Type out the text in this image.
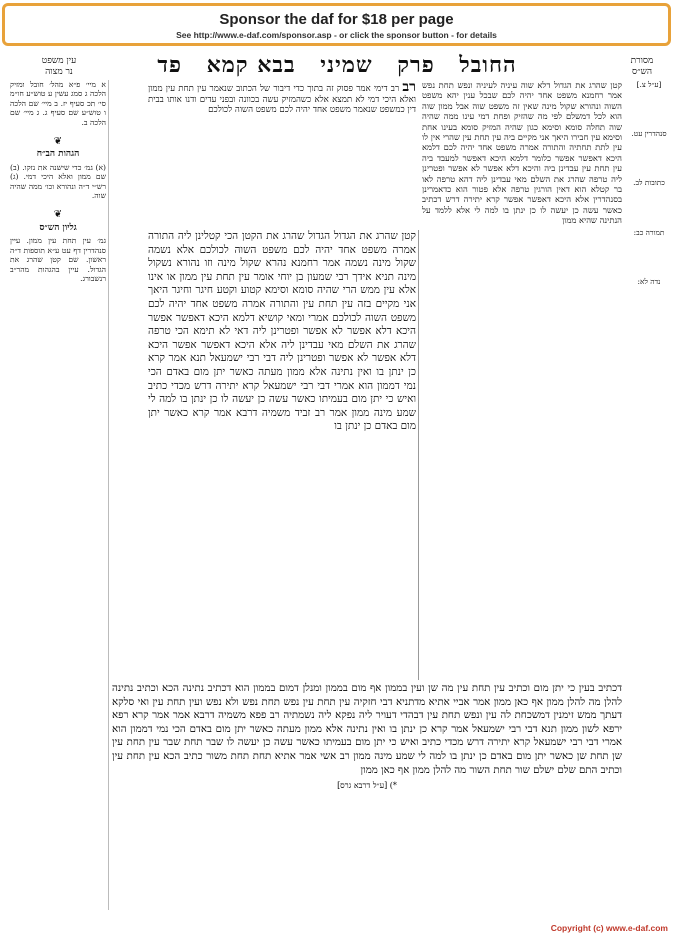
Sponsor the daf for $18 per page
See http://www.e-daf.com/sponsor.asp - or click the sponsor button - for details
מסורת
הש״ס
עין משפט
נר מצוה	החובל פרק שמיני בבא קמא פד
קטן שהרג את הגדול דלא שוה עיניה לעיניה ונפש תחת נפש אמר רחמנא משפט אחד יהיה לכם שבכל ענין יהא משפט השוה ונהורא שקול מינה שאין זה משפט שוה אבל ממון שוה הוא לכל דמשלם לפי מה שהזיק ופחת דמי עינו ממה שהיה שוה תחלה סומא וסימא כגון שהיה המזיק סומא בעינו אחת וסימא עין חבירו היאך אני מקיים ביה עין תחת עין שהרי אין לו עין לתת תחתיה והתורה אמרה משפט אחד יהיה לכם דלמא היכא דאפשר אפשר כלומר דלמא היכא דאפשר למעבד ביה עין תחת עין עבדינן ביה והיכא דלא אפשר לא אפשר ופטרינן ליה טרפה שהרג את השלם מאי עבדינן ליה דהא טרפה לאו בר קטלא הוא דאין הורגין טרפה אלא פטור הוא כדאמרינן בסנהדרין אלא היכא דאפשר אפשר קרא יתירה דרש דכתיב כאשר עשה כן יעשה לו כן ינתן בו למה לי אלא ללמד על הנתינה שהיא ממון
רב רב דימי אמר פסוק זה בתוך כדי דיבור של הכתוב שנאמר עין תחת עין ממון ואלא היכי דמי לא תמצא אלא כשהמזיק עשה בכוונה ובפני עדים ודנו אותו בבית דין כמשפט שנאמר משפט אחד יהיה לכם משפט השוה לכולכם
קטן שהרג את הגדול הגדול שהרג את הקטן הכי קטלינן ליה התורה אמרה משפט אחד יהיה לכם משפט השוה לכולכם אלא נשמה שקול מינה נשמה אמר רחמנא נהרא שקול מינה וזו נהורא נשקול מינה תניא אידך רבי שמעון בן יוחי אומר עין תחת עין ממון או אינו אלא עין ממש הרי שהיה סומא וסימא קטוע וקטע חיגר וחיגר היאך אני מקיים בזה עין תחת עין והתורה אמרה משפט אחד יהיה לכם משפט השוה לכולכם אמרי ומאי קושיא דלמא היכא דאפשר אפשר היכא דלא אפשר לא אפשר ופטרינן ליה דאי לא תימא הכי טרפה שהרג את השלם מאי עבדינן ליה אלא היכא דאפשר אפשר היכא דלא אפשר לא אפשר ופטרינן ליה דבי רבי ישמעאל תנא אמר קרא כן ינתן בו ואין נתינה אלא ממון מעתה כאשר יתן מום באדם הכי נמי דממון הוא אמרי דבי רבי ישמעאל קרא יתירה דרש מכדי כתיב ואיש כי יתן מום בעמיתו כאשר עשה כן יעשה לו כן ינתן בו למה לי שמע מינה ממון אמר רב זביד משמיה דרבא אמר קרא כאשר יתן מום באדם כן ינתן בו
א מיי׳ פ״א מהל׳ חובל ומזיק הלכה ג סמג עשין ע טוש״ע חו״מ סי׳ תכ סעיף יז. ב מיי׳ שם הלכה ו טוש״ע שם סעיף ג. ג מיי׳ שם הלכה ב.
❦
הגהות הב״ח
(א) גמ׳ כדי שישנה את נזקו. (ב) שם ממון ואלא היכי דמי. (ג) רש״י ד״ה ונהורא וכו׳ ממה שהיה שוה.
❦
גליון הש״ס
גמ׳ עין תחת עין ממון. עיין סנהדרין דף עט ע״א תוספות ד״ה ראשון. שם קטן שהרג את הגדול. עיין בהגהות מהר״ב רנשבורג.
[ע״ל צ.]
סנהדרין עט.
כתובות לב.
תמורה כב:
נדה לא:
דכתיב בעין כי יתן מום וכתיב עין תחת עין מה שן ועין בממון אף מום בממון ומנלן דמום בממון הוא דכתיב נתינה הכא וכתיב נתינה להלן מה להלן ממון אף כאן ממון אמר אביי אתיא מדתניא דבי חזקיה עין תחת עין נפש תחת נפש ולא נפש ועין תחת עין ואי סלקא דעתך ממש זימנין דמשכחת לה עין ונפש תחת עין דבהדי דעויר ליה נפקא ליה נשמתיה רב פפא משמיה דרבא אמר אמר קרא רפא ירפא לשון ממון תנא דבי רבי ישמעאל אמר קרא כן ינתן בו ואין נתינה אלא ממון מעתה כאשר יתן מום באדם הכי נמי דממון הוא אמרי דבי רבי ישמעאל קרא יתירה דרש מכדי כתיב ואיש כי יתן מום בעמיתו כאשר עשה כן יעשה לו שבר תחת שבר עין תחת עין שן תחת שן כאשר יתן מום באדם כן ינתן בו למה לי שמע מינה ממון רב אשי אמר אתיא תחת תחת משור כתיב הכא עין תחת עין וכתיב התם שלם ישלם שור תחת השור מה להלן ממון אף כאן ממון
*) [ע״ל דרבא גרס]
Copyright (c) www.e-daf.com
